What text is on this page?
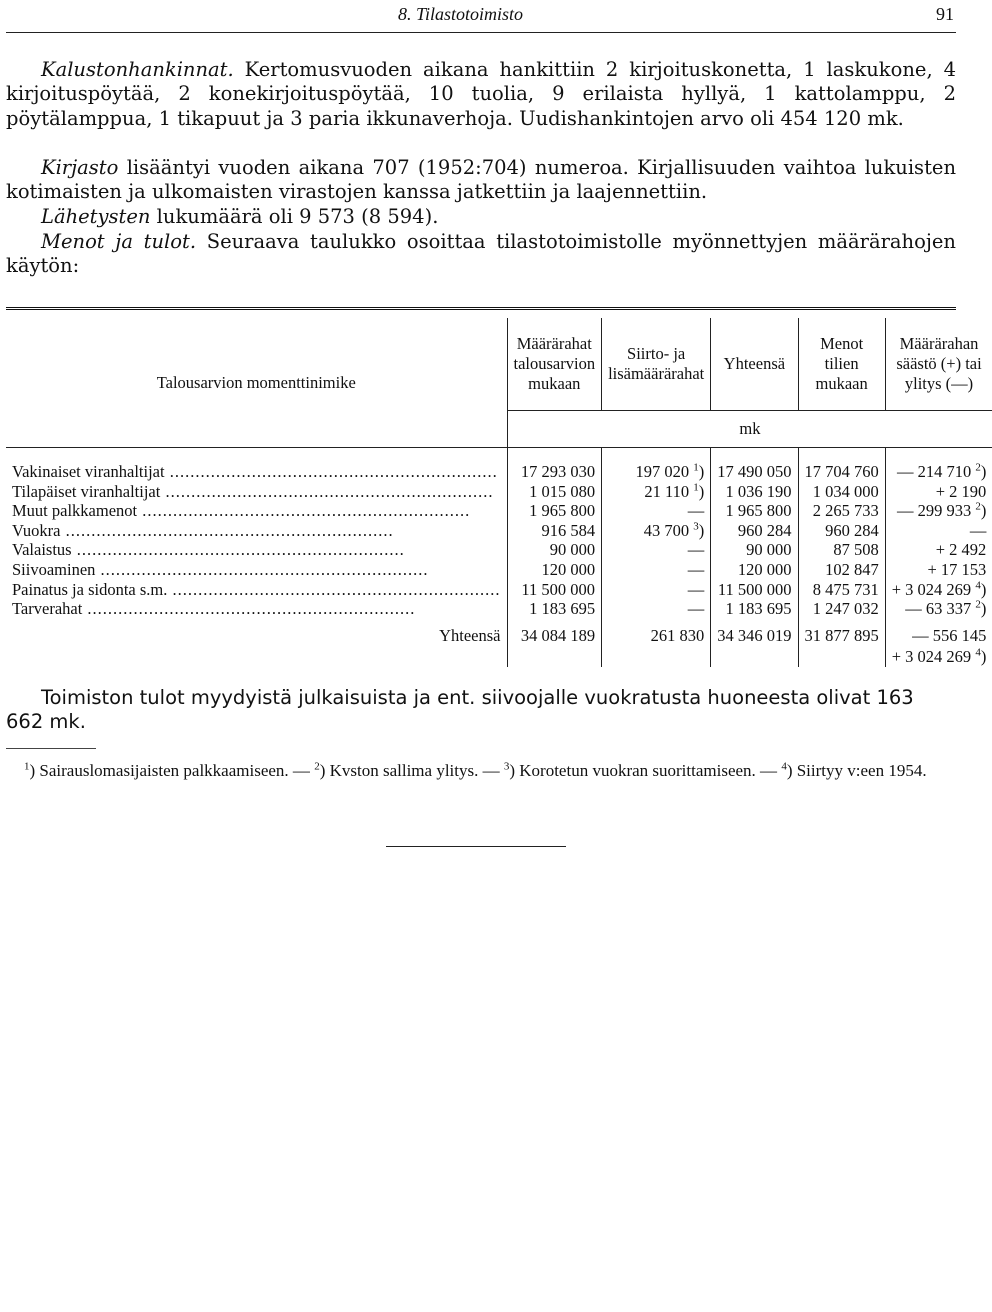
8. Tilastotoimisto	91
Kalustonhankinnat. Kertomusvuoden aikana hankittiin 2 kirjoituskonetta, 1 laskukone, 4 kirjoituspöytää, 2 konekirjoituspöytää, 10 tuolia, 9 erilaista hyllyä, 1 kattolamppu, 2 pöytälamppua, 1 tikapuut ja 3 paria ikkunaverhoja. Uudishankintojen arvo oli 454 120 mk.
Kirjasto lisääntyi vuoden aikana 707 (1952:704) numeroa. Kirjallisuuden vaihtoa lukuisten kotimaisten ja ulkomaisten virastojen kanssa jatkettiin ja laajennettiin.
Lähetysten lukumäärä oli 9 573 (8 594).
Menot ja tulot. Seuraava taulukko osoittaa tilastotoimistolle myönnettyjen määrärahojen käytön:
Talousarvion momenttinimike	Määrärahat talousarvion mukaan	Siirto- ja lisämäärärahat	Yhteensä	Menot tilien mukaan	Määrärahan säästö (+) tai ylitys (—)
	mk				

Vakinaiset viranhaltijat .....	17 293 030	197 020 $^1$)	17 490 050	17 704 760	— 214 710 $^2$)
Tilapäiset viranhaltijat .....	1 015 080	21 110 $^1$)	1 036 190	1 034 000	+ 2 190
Muut palkkamenot .....	1 965 800	—	1 965 800	2 265 733	— 299 933 $^2$)
Vuokra .....	916 584	43 700 $^3$)	960 284	960 284	—
Valaistus .....	90 000	—	90 000	87 508	+ 2 492
Siivoaminen .....	120 000	—	120 000	102 847	+ 17 153
Painatus ja sidonta s.m. .....	11 500 000	—	11 500 000	8 475 731	+ 3 024 269 $^4$)
Tarverahat .....	1 183 695	—	1 183 695	1 247 032	— 63 337 $^2$)
Yhteensä	34 084 189	261 830	34 346 019	31 877 895	— 556 145
					+ 3 024 269 $^4$)
Toimiston tulot myydyistä julkaisuista ja ent. siivoojalle vuokratusta huoneesta olivat 163 662 mk.
$^1$) Sairauslomasijaisten palkkaamiseen. — $^2$) Kvston sallima ylitys. — $^3$) Korotetun vuokran suorittamiseen. — $^4$) Siirtyy v:een 1954.
